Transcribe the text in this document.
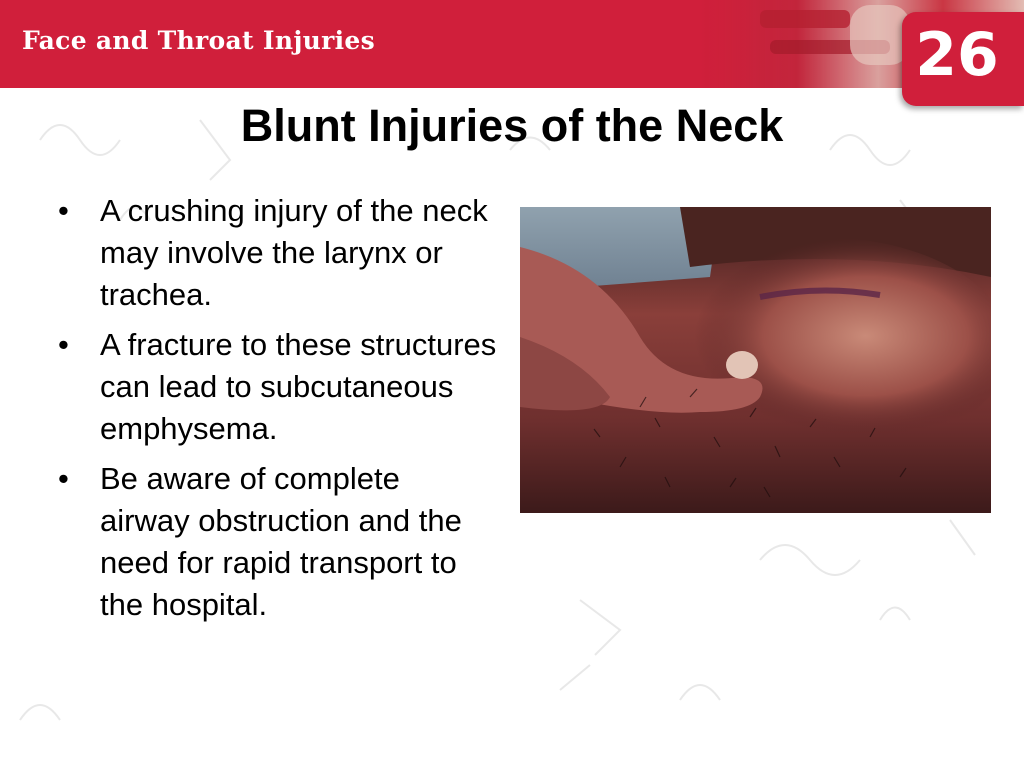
Face and Throat Injuries	26
Blunt Injuries of the Neck
•	A crushing injury of the neck may involve the larynx or trachea.
•	A fracture to these structures can lead to subcutaneous emphysema.
•	Be aware of complete airway obstruction and the need for rapid transport to the hospital.
